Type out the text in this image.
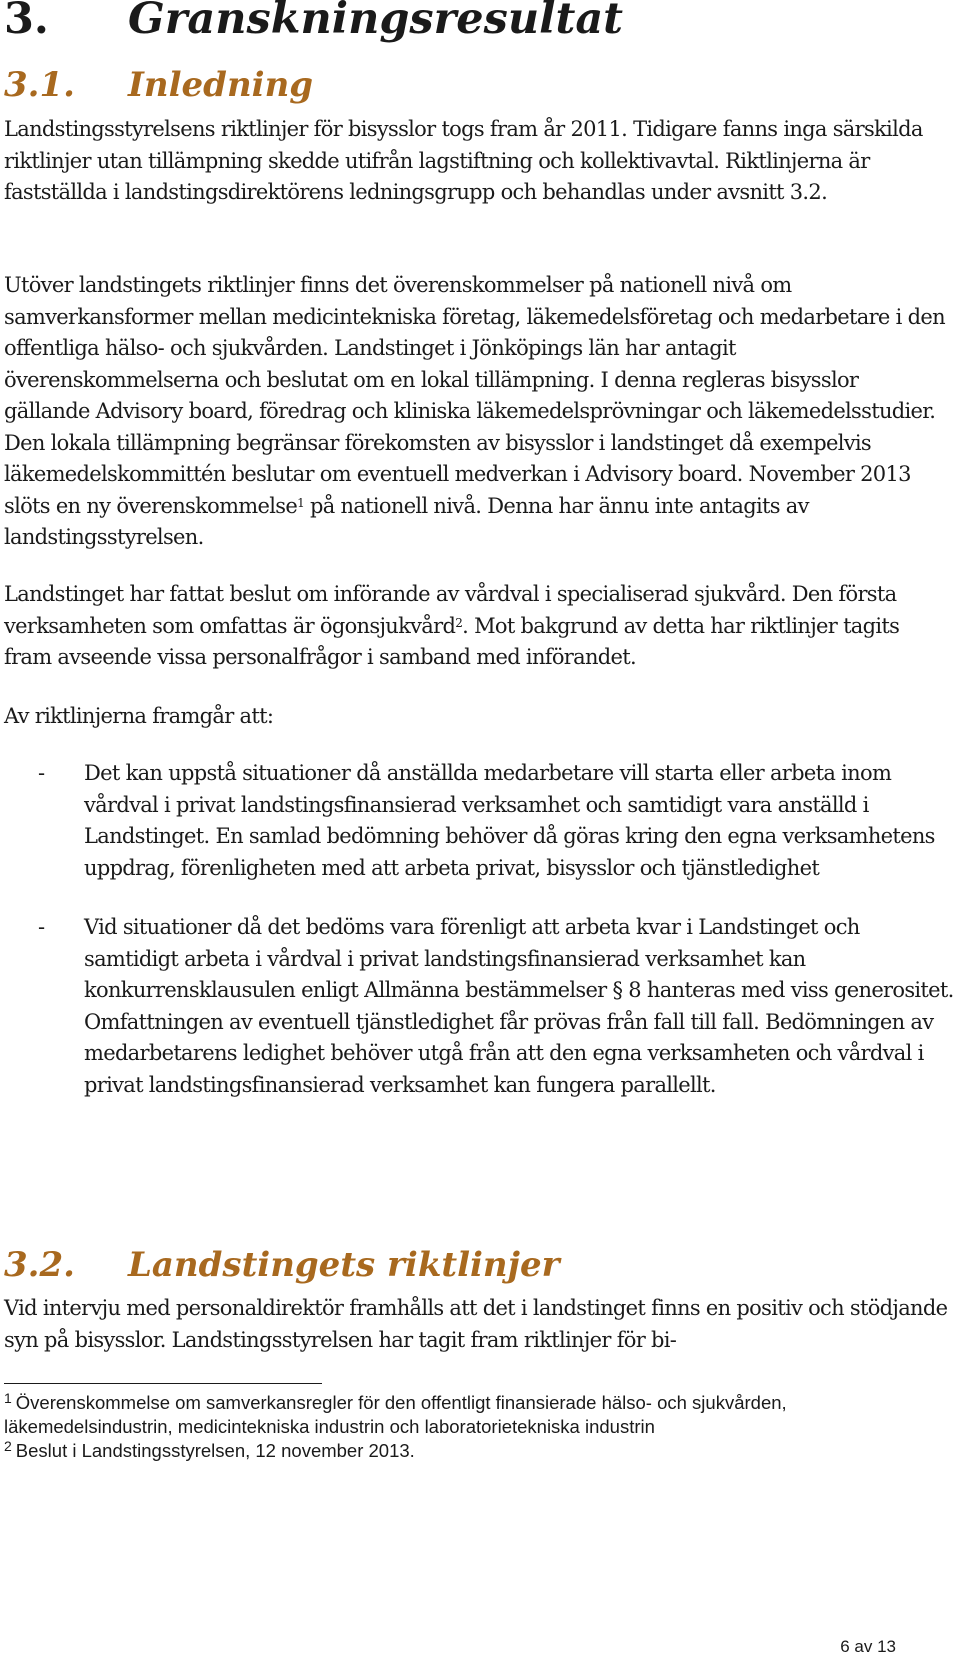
3. Granskningsresultat
3.1. Inledning

Landstingsstyrelsens riktlinjer för bisysslor togs fram år 2011. Tidigare fanns inga särskilda riktlinjer utan tillämpning skedde utifrån lagstiftning och kollektivavtal. Riktlinjerna är fastställda i landstingsdirektörens ledningsgrupp och behandlas under avsnitt 3.2.

Utöver landstingets riktlinjer finns det överenskommelser på nationell nivå om samverkansformer mellan medicintekniska företag, läkemedelsföretag och medarbetare i den offentliga hälso- och sjukvården. Landstinget i Jönköpings län har antagit överenskommelserna och beslutat om en lokal tillämpning. I denna regleras bisysslor gällande Advisory board, föredrag och kliniska läkemedelsprövningar och läkemedelsstudier. Den lokala tillämpning begränsar förekomsten av bisysslor i landstinget då exempelvis läkemedelskommittén beslutar om eventuell medverkan i Advisory board. November 2013 slöts en ny överenskommelse$^1$ på nationell nivå. Denna har ännu inte antagits av landstingsstyrelsen.

Landstinget har fattat beslut om införande av vårdval i specialiserad sjukvård. Den första verksamheten som omfattas är ögonsjukvård$^2$. Mot bakgrund av detta har riktlinjer tagits fram avseende vissa personalfrågor i samband med införandet.

Av riktlinjerna framgår att:

- Det kan uppstå situationer då anställda medarbetare vill starta eller arbeta inom vårdval i privat landstingsfinansierad verksamhet och samtidigt vara anställd i Landstinget. En samlad bedömning behöver då göras kring den egna verksamhetens uppdrag, förenligheten med att arbeta privat, bisysslor och tjänstledighet
- Vid situationer då det bedöms vara förenligt att arbeta kvar i Landstinget och samtidigt arbeta i vårdval i privat landstingsfinansierad verksamhet kan konkurrensklausulen enligt Allmänna bestämmelser § 8 hanteras med viss generositet. Omfattningen av eventuell tjänstledighet får prövas från fall till fall. Bedömningen av medarbetarens ledighet behöver utgå från att den egna verksamheten och vårdval i privat landstingsfinansierad verksamhet kan fungera parallellt.
3.2. Landstingets riktlinjer

Vid intervju med personaldirektör framhålls att det i landstinget finns en positiv och stödjande syn på bisysslor. Landstingsstyrelsen har tagit fram riktlinjer för bi-

$^1$ Överenskommelse om samverkansregler för den offentligt finansierade hälso- och sjukvården, läkemedelsindustrin, medicintekniska industrin och laboratorietekniska industrin

$^2$ Beslut i Landstingsstyrelsen, 12 november 2013.

6 av 13
